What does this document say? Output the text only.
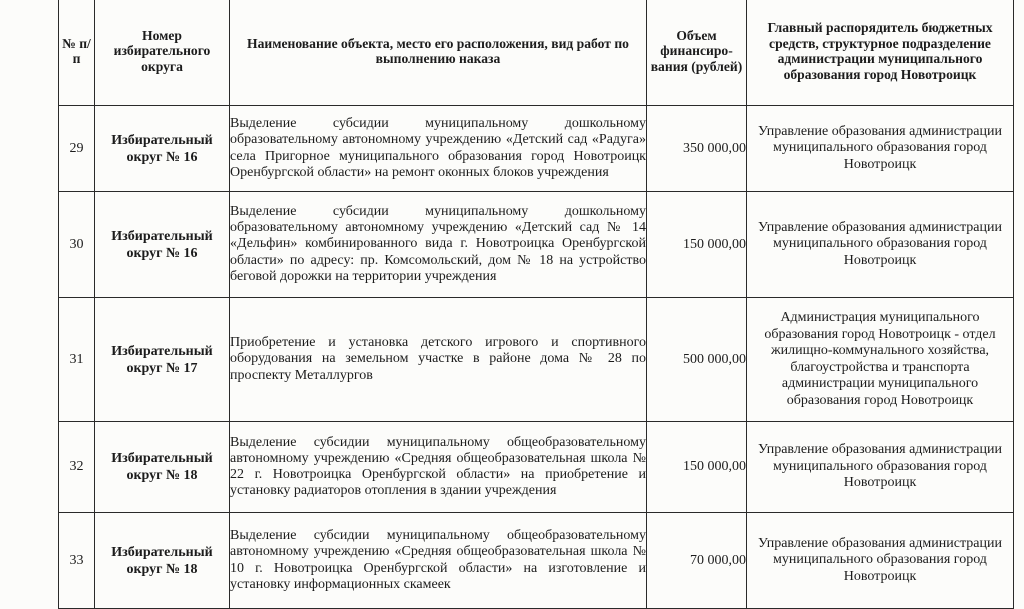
№ п/п	Номер избирательного округа	Наименование объекта, место его расположения, вид работ по выполнению наказа	Объем финансиро-вания (рублей)	Главный распорядитель бюджетных средств, структурное подразделение администрации муниципального образования город Новотроицк
29	Избирательный округ № 16	Выделение субсидии муниципальному дошкольному образовательному автономному учреждению «Детский сад «Радуга» села Пригорное муниципального образования город Новотроицк Оренбургской области» на ремонт оконных блоков учреждения	350 000,00	Управление образования администрации муниципального образования город Новотроицк
30	Избирательный округ № 16	Выделение субсидии муниципальному дошкольному образовательному автономному учреждению «Детский сад № 14 «Дельфин» комбинированного вида г. Новотроицка Оренбургской области» по адресу: пр. Комсомольский, дом № 18 на устройство беговой дорожки на территории учреждения	150 000,00	Управление образования администрации муниципального образования город Новотроицк
31	Избирательный округ № 17	Приобретение и установка детского игрового и спортивного оборудования на земельном участке в районе дома № 28 по проспекту Металлургов	500 000,00	Администрация муниципального образования город Новотроицк - отдел жилищно-коммунального хозяйства, благоустройства и транспорта администрации муниципального образования город Новотроицк
32	Избирательный округ № 18	Выделение субсидии муниципальному общеобразовательному автономному учреждению «Средняя общеобразовательная школа № 22 г. Новотроицка Оренбургской области» на приобретение и установку радиаторов отопления в здании учреждения	150 000,00	Управление образования администрации муниципального образования город Новотроицк
33	Избирательный округ № 18	Выделение субсидии муниципальному общеобразовательному автономному учреждению «Средняя общеобразовательная школа № 10 г. Новотроицка Оренбургской области» на изготовление и установку информационных скамеек	70 000,00	Управление образования администрации муниципального образования город Новотроицк
